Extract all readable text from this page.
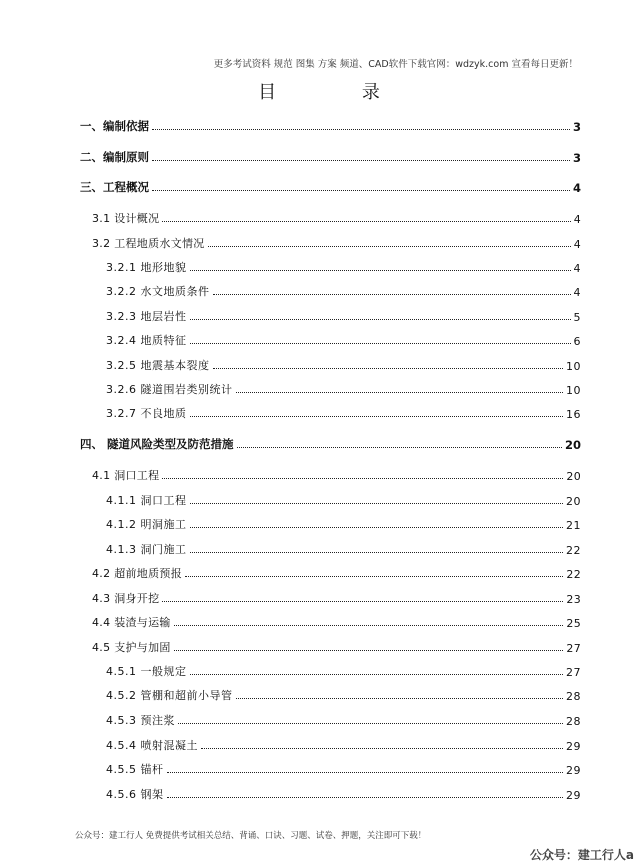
更多考试资料 规范 图集 方案 频道、CAD软件下载官网：wdzyk.com 宣看每日更新！
目 录
一、编制依据	3
二、编制原则	3
三、工程概况	4
3.1 设计概况	4
3.2 工程地质水文情况	4
3.2.1 地形地貌	4
3.2.2 水文地质条件	4
3.2.3 地层岩性	5
3.2.4 地质特征	6
3.2.5 地震基本裂度	10
3.2.6 隧道围岩类别统计	10
3.2.7 不良地质	16
四、 隧道风险类型及防范措施	20
4.1 洞口工程	20
4.1.1 洞口工程	20
4.1.2 明洞施工	21
4.1.3 洞门施工	22
4.2 超前地质预报	22
4.3 洞身开挖	23
4.4 装渣与运输	25
4.5 支护与加固	27
4.5.1 一般规定	27
4.5.2 管棚和超前小导管	28
4.5.3 预注浆	28
4.5.4 喷射混凝土	29
4.5.5 锚杆	29
4.5.6 钢架	29
公众号：建工行人 免费提供考试相关总结、背诵、口诀、习题、试卷、押题，关注即可下载！
公众号：建工行人a
